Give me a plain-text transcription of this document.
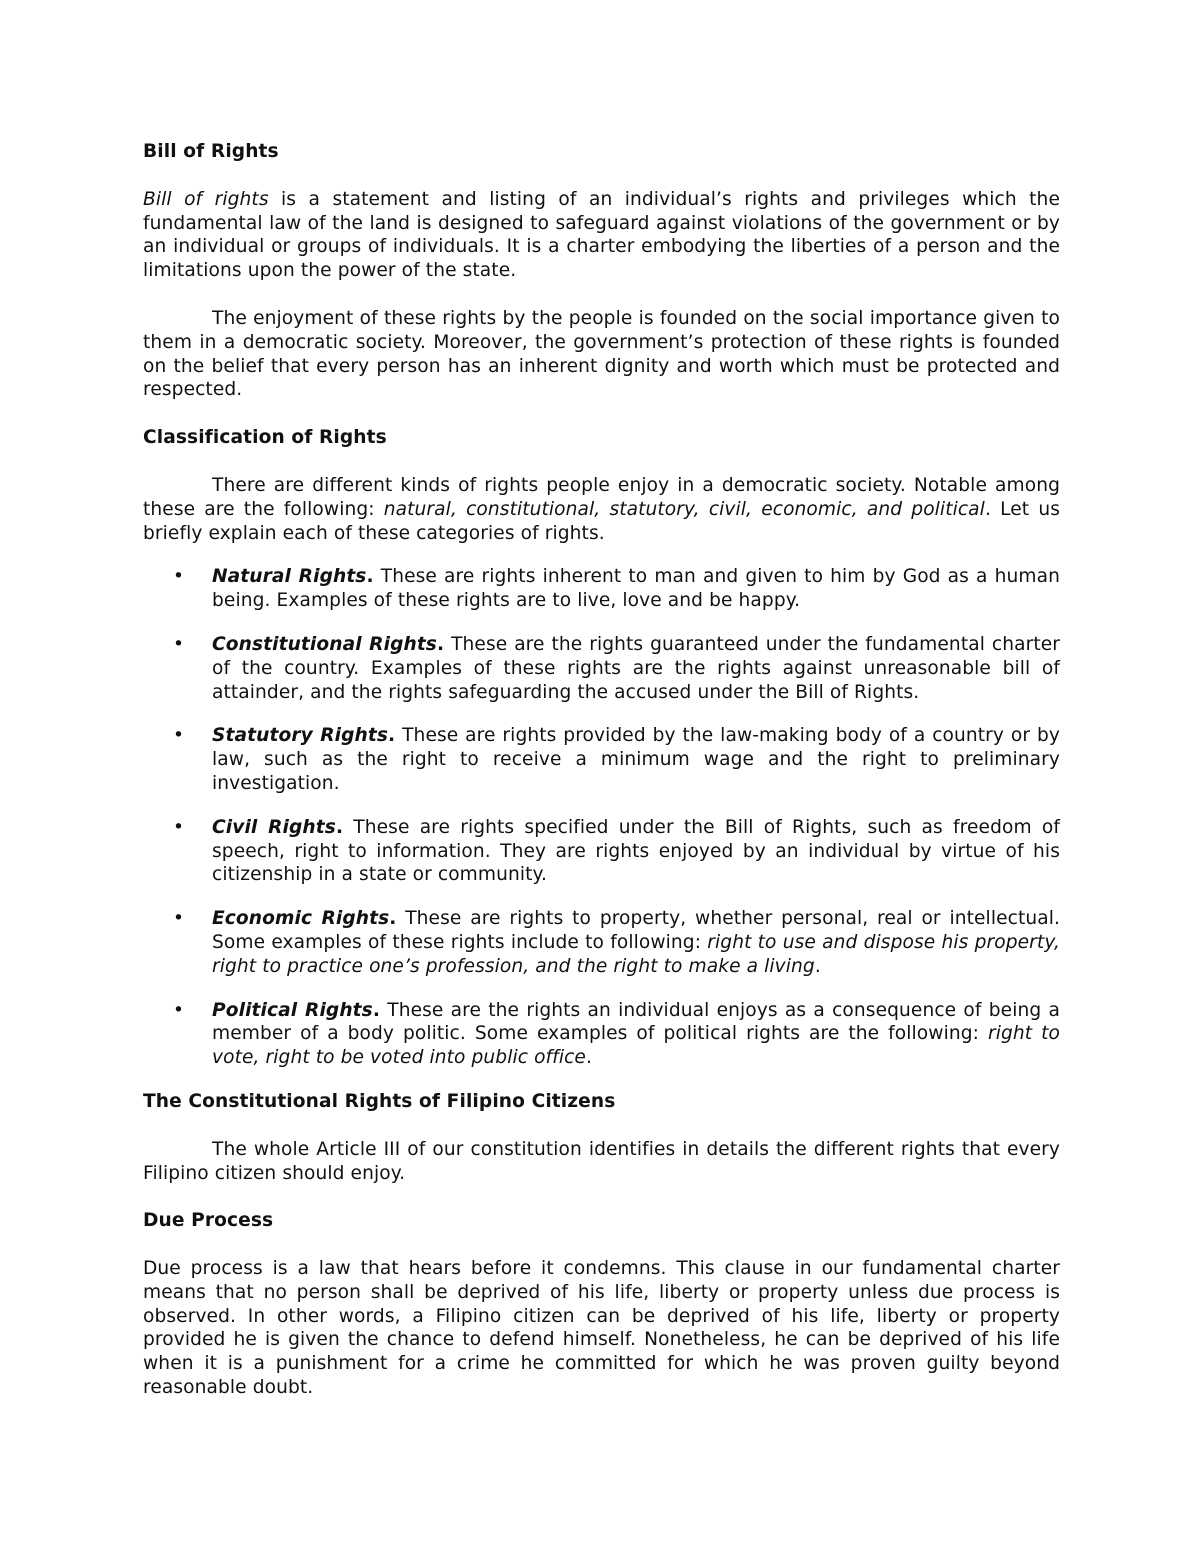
Bill of Rights

Bill of rights is a statement and listing of an individual’s rights and privileges which the fundamental law of the land is designed to safeguard against violations of the government or by an individual or groups of individuals. It is a charter embodying the liberties of a person and the limitations upon the power of the state.

The enjoyment of these rights by the people is founded on the social importance given to them in a democratic society. Moreover, the government’s protection of these rights is founded on the belief that every person has an inherent dignity and worth which must be protected and respected.

Classification of Rights

There are different kinds of rights people enjoy in a democratic society. Notable among these are the following: natural, constitutional, statutory, civil, economic, and political. Let us briefly explain each of these categories of rights.

• Natural Rights. These are rights inherent to man and given to him by God as a human being. Examples of these rights are to live, love and be happy.
• Constitutional Rights. These are the rights guaranteed under the fundamental charter of the country. Examples of these rights are the rights against unreasonable bill of attainder, and the rights safeguarding the accused under the Bill of Rights.
• Statutory Rights. These are rights provided by the law-making body of a country or by law, such as the right to receive a minimum wage and the right to preliminary investigation.
• Civil Rights. These are rights specified under the Bill of Rights, such as freedom of speech, right to information. They are rights enjoyed by an individual by virtue of his citizenship in a state or community.
• Economic Rights. These are rights to property, whether personal, real or intellectual. Some examples of these rights include to following: right to use and dispose his property, right to practice one’s profession, and the right to make a living.
• Political Rights. These are the rights an individual enjoys as a consequence of being a member of a body politic. Some examples of political rights are the following: right to vote, right to be voted into public office.
The Constitutional Rights of Filipino Citizens

The whole Article III of our constitution identifies in details the different rights that every Filipino citizen should enjoy.

Due Process

Due process is a law that hears before it condemns. This clause in our fundamental charter means that no person shall be deprived of his life, liberty or property unless due process is observed. In other words, a Filipino citizen can be deprived of his life, liberty or property provided he is given the chance to defend himself. Nonetheless, he can be deprived of his life when it is a punishment for a crime he committed for which he was proven guilty beyond reasonable doubt.
